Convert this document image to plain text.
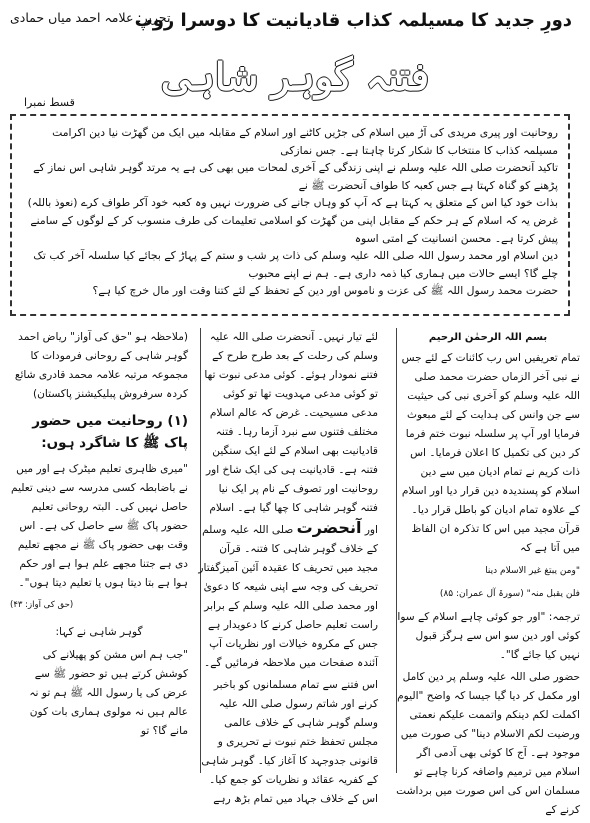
دورِ جدید کا مسیلمہ کذاب قادیانیت کا دوسرا روپ
تحریر: علامہ احمد میاں حمادی
فتنہ گوہر شاہی
قسط نمبرا

روحانیت اور پیری مریدی کی آڑ میں اسلام کی جڑیں کاٹنے اور اسلام کے مقابلہ میں ایک من گھڑت نیا دین اکرامت مسیلمہ کذاب کا منتخاب کا شکار کرتا چاہتا ہے۔ جس نمازکی

تاکید آنحضرت صلی اللہ علیہ وسلم نے اپنی زندگی کے آخری لمحات میں بھی کی ہے یہ مرتد گوہر شاہی اس نماز کے پڑھنے کو گناہ کہتا ہے جس کعبہ کا طواف آنحضرت ﷺ نے

بذات خود کیا اس کے متعلق یہ کہتا ہے کہ آپ کو وہاں جانے کی ضرورت نہیں وہ کعبہ خود آکر طواف کرے (نعوذ باللہ)

غرض یہ کہ اسلام کے ہر حکم کے مقابل اپنی من گھڑت کو اسلامی تعلیمات کی طرف منسوب کر کے لوگوں کے سامنے پیش کرتا ہے۔ محسن انسانیت کے امتی اسوہ

دین اسلام اور محمد رسول اللہ صلی اللہ علیہ وسلم کی ذات پر شب و ستم کے پہاڑ کے بجائے کیا سلسلہ آخر کب تک چلے گا؟ ایسے حالات میں ہماری کیا ذمہ داری ہے۔ ہم نے اپنے محبوب

حضرت محمد رسول اللہ ﷺ کی عزت و ناموس اور دین کے تحفظ کے لئے کتنا وقت اور مال خرچ کیا ہے؟

بسم اللہ الرحمٰن الرحیم

تمام تعریفیں اس رب کائنات کے لئے جس نے نبی آخر الزماں حضرت محمد صلی اللہ علیہ وسلم کو آخری نبی کی حیثیت سے جن وانس کی ہدایت کے لئے مبعوث فرمایا اور آپ پر سلسلہ نبوت ختم فرما کر دین کی تکمیل کا اعلان فرمایا۔ اس ذات کریم نے تمام ادیان میں سے دین اسلام کو پسندیدہ دین قرار دیا اور اسلام کے علاوہ تمام ادیان کو باطل قرار دیا۔ قرآن مجید میں اس کا تذکرہ ان الفاظ میں آتا ہے کہ

"ومن یبتغ غیر الاسلام دینا
فلن یقبل منہ" (سورۃ آل عمران: ۸۵)

ترجمہ: "اور جو کوئی چاہے اسلام کے سوا کوئی اور دین سو اس سے ہرگز قبول نہیں کیا جائے گا"۔

حضور صلی اللہ علیہ وسلم پر دین کامل اور مکمل کر دیا گیا جیسا کہ واضح "الیوم اکملت لکم دینکم واتممت علیکم نعمتی ورضیت لکم الاسلام دینا" کی صورت میں موجود ہے۔ آج کا کوئی بھی آدمی اگر اسلام میں ترمیم واضافہ کرنا چاہے تو مسلمان اس کی اس صورت میں برداشت کرنے کے

لئے تیار نہیں۔ آنحضرت صلی اللہ علیہ وسلم کی رحلت کے بعد طرح طرح کے فتنے نمودار ہوئے۔ کوئی مدعی نبوت تھا تو کوئی مدعی مہدویت تھا تو کوئی مدعی مسیحیت۔ غرض کہ عالم اسلام مختلف فتنوں سے نبرد آزما رہا۔ فتنہ قادیانیت بھی اسلام کے لئے ایک سنگین فتنہ ہے۔ قادیانیت ہی کی ایک شاخ اور روحانیت اور تصوف کے نام پر ایک نیا فتنہ گوہر شاہی کا چھا گیا ہے۔ اسلام اور آنحضرت صلی اللہ علیہ وسلم کے خلاف گوہر شاہی کا فتنہ۔ قرآن مجید میں تحریف کا عقیدہ آئین آمیزگفتار تحریف کی وجہ سے اپنی شیعہ کا دعویٰ اور محمد صلی اللہ علیہ وسلم کے برابر راست تعلیم حاصل کرنے کا دعویدار ہے جس کے مکروہ خیالات اور نظریات آپ آئندہ صفحات میں ملاحظہ فرمائیں گے۔

اس فتنے سے تمام مسلمانوں کو باخبر کرنے اور شاتم رسول صلی اللہ علیہ وسلم گوہر شاہی کے خلاف عالمی مجلس تحفظ ختم نبوت نے تحریری و قانونی جدوجہد کا آغاز کیا۔ گوہر شاہی کے کفریہ عقائد و نظریات کو جمع کیا۔ اس کے خلاف جہاد میں تمام بڑھ رہے

(ملاحظہ ہو "حق کی آواز" ریاض احمد گوہر شاہی کے روحانی فرمودات کا مجموعہ مرتبہ علامہ محمد قادری شائع کردہ سرفروش پبلیکیشنز پاکستان)

(۱) روحانیت میں حضور پاک ﷺ کا شاگرد ہوں:

"میری ظاہری تعلیم میٹرک ہے اور میں نے باضابطہ کسی مدرسہ سے دینی تعلیم حاصل نہیں کی۔ البتہ روحانی تعلیم حضور پاک ﷺ سے حاصل کی ہے۔ اس وقت بھی حضور پاک ﷺ نے مجھے تعلیم دی ہے جتنا مجھے علم ہوا ہے اور حکم ہوا ہے بتا دیتا ہوں یا تعلیم دیتا ہوں"۔

(حق کی آواز: ۴۳)
گوہر شاہی نے کہا:

"جب ہم اس مشن کو پھیلانے کی کوشش کرتے ہیں تو حضور ﷺ سے عرض کی یا رسول اللہ ﷺ ہم تو نہ عالم ہیں نہ مولوی ہماری بات کون مانے گا؟ تو
